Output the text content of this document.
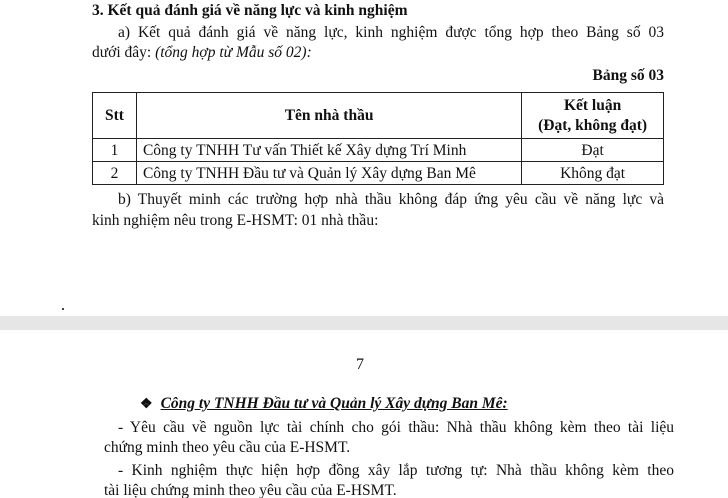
3. Kết quả đánh giá về năng lực và kinh nghiệm
a) Kết quả đánh giá về năng lực, kinh nghiệm được tổng hợp theo Bảng số 03
dưới đây: (tổng hợp từ Mẫu số 02):
Bảng số 03
Stt	Tên nhà thầu	Kết luận
(Đạt, không đạt)

1	Công ty TNHH Tư vấn Thiết kế Xây dựng Trí Minh	Đạt
2	Công ty TNHH Đầu tư và Quản lý Xây dựng Ban Mê	Không đạt
b) Thuyết minh các trường hợp nhà thầu không đáp ứng yêu cầu về năng lực và
kinh nghiệm nêu trong E-HSMT: 01 nhà thầu:
7
❖ Công ty TNHH Đầu tư và Quản lý Xây dựng Ban Mê:
- Yêu cầu về nguồn lực tài chính cho gói thầu: Nhà thầu không kèm theo tài liệu
chứng minh theo yêu cầu của E-HSMT.
- Kinh nghiệm thực hiện hợp đồng xây lắp tương tự: Nhà thầu không kèm theo
tài liệu chứng minh theo yêu cầu của E-HSMT.
